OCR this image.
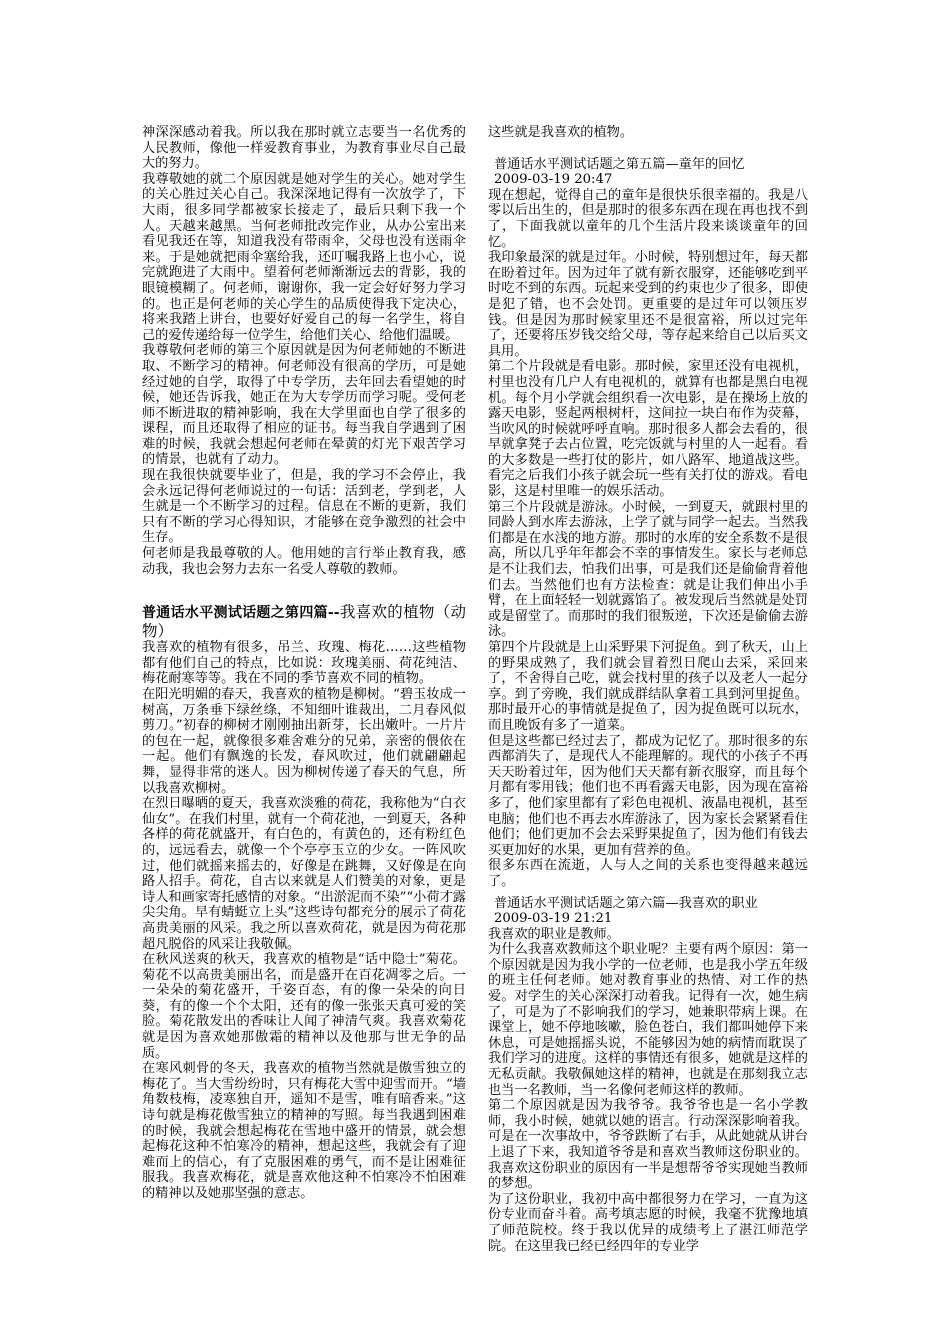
神深深感动着我。所以我在那时就立志要当一名优秀的人民教师，像他一样爱教育事业，为教育事业尽自己最大的努力。

我尊敬她的就二个原因就是她对学生的关心。她对学生的关心胜过关心自己。我深深地记得有一次放学了，下大雨，很多同学都被家长接走了，最后只剩下我一个人。天越来越黑。当何老师批改完作业，从办公室出来看见我还在等，知道我没有带雨伞，父母也没有送雨伞来。于是她就把雨伞塞给我，还叮嘱我路上也小心，说完就跑进了大雨中。望着何老师渐渐远去的背影，我的眼镜模糊了。何老师，谢谢你，我一定会好好努力学习的。也正是何老师的关心学生的品质使得我下定决心，将来我踏上讲台，也要好好爱自己的每一名学生，将自己的爱传递给每一位学生，给他们关心、给他们温暖。

我尊敬何老师的第三个原因就是因为何老师她的不断进取、不断学习的精神。何老师没有很高的学历，可是她经过她的自学，取得了中专学历，去年回去看望她的时候，她还告诉我，她正在为大专学历而学习呢。受何老师不断进取的精神影响，我在大学里面也自学了很多的课程，而且还取得了相应的证书。每当我自学遇到了困难的时候，我就会想起何老师在晕黄的灯光下艰苦学习的情景，也就有了动力。

现在我很快就要毕业了，但是，我的学习不会停止，我会永远记得何老师说过的一句话：活到老，学到老，人生就是一个不断学习的过程。信息在不断的更新，我们只有不断的学习心得知识，才能够在竞争激烈的社会中生存。

何老师是我最尊敬的人。他用她的言行举止教育我，感动我，我也会努力去东一名受人尊敬的教师。

普通话水平测试话题之第四篇--我喜欢的植物（动物）

我喜欢的植物有很多，吊兰、玫瑰、梅花……这些植物都有他们自己的特点，比如说：玫瑰美丽、荷花纯洁、梅花耐寒等等。我在不同的季节喜欢不同的植物。

在阳光明媚的春天，我喜欢的植物是柳树。“碧玉妆成一树高，万条垂下绿丝绦，不知细叶谁裁出，二月春风似剪刀。”初春的柳树才刚刚抽出新芽，长出嫩叶。一片片的包在一起，就像很多难舍难分的兄弟，亲密的偎依在一起。他们有飘逸的长发，春风吹过，他们就翩翩起舞，显得非常的迷人。因为柳树传递了春天的气息，所以我喜欢柳树。

在烈日曝晒的夏天，我喜欢淡雅的荷花，我称他为“白衣仙女”。在我们村里，就有一个荷花池，一到夏天，各种各样的荷花就盛开，有白色的，有黄色的，还有粉红色的，远远看去，就像一个个亭亭玉立的少女。一阵风吹过，他们就摇来摇去的，好像是在跳舞，又好像是在向路人招手。荷花，自古以来就是人们赞美的对象，更是诗人和画家寄托感情的对象。“出淤泥而不染”“小荷才露尖尖角。早有蜻蜓立上头”这些诗句都充分的展示了荷花高贵美丽的风采。我之所以喜欢荷花，就是因为荷花那超凡脱俗的风采让我敬佩。

在秋风送爽的秋天，我喜欢的植物是“话中隐士”菊花。菊花不以高贵美丽出名，而是盛开在百花凋零之后。一一朵朵的菊花盛开，千姿百态，有的像一朵朵的向日葵，有的像一个个太阳，还有的像一张张天真可爱的笑脸。菊花散发出的香味让人闻了神清气爽。我喜欢菊花就是因为喜欢她那傲霜的精神以及他那与世无争的品质。

在寒风刺骨的冬天，我喜欢的植物当然就是傲雪独立的梅花了。当大雪纷纷时，只有梅花大雪中迎雪而开。“墙角数枝梅，凌寒独自开，遥知不是雪，唯有暗香来。”这诗句就是梅花傲雪独立的精神的写照。每当我遇到困难的时候，我就会想起梅花在雪地中盛开的情景，就会想起梅花这种不怕寒冷的精神，想起这些，我就会有了迎难而上的信心，有了克服困难的勇气，而不是让困难征服我。我喜欢梅花，就是喜欢他这种不怕寒冷不怕困难的精神以及她那坚强的意志。

这些就是我喜欢的植物。

普通话水平测试话题之第五篇—童年的回忆

2009-03-19 20:47

现在想起，觉得自己的童年是很快乐很幸福的。我是八零以后出生的，但是那时的很多东西在现在再也找不到了，下面我就以童年的几个生活片段来谈谈童年的回忆。

我印象最深的就是过年。小时候，特别想过年，每天都在盼着过年。因为过年了就有新衣服穿，还能够吃到平时吃不到的东西。玩起来受到的约束也少了很多，即使是犯了错，也不会处罚。更重要的是过年可以领压岁钱。但是因为那时候家里还不是很富裕，所以过完年了，还要将压岁钱交给父母，等存起来给自己以后买文具用。

第二个片段就是看电影。那时候，家里还没有电视机，村里也没有几户人有电视机的，就算有也都是黑白电视机。每个月小学就会组织看一次电影，是在操场上放的露天电影，竖起两根树杆，这间拉一块白布作为荧幕，当吹风的时候就呼呼直响。那时很多人都会去看的，很早就拿凳子去占位置，吃完饭就与村里的人一起看。看的大多数是一些打仗的影片，如八路军、地道战这些。看完之后我们小孩子就会玩一些有关打仗的游戏。看电影，这是村里唯一的娱乐活动。

第三个片段就是游泳。小时候，一到夏天，就跟村里的同龄人到水库去游泳，上学了就与同学一起去。当然我们都是在水浅的地方游。那时的水库的安全系数不是很高，所以几乎年年都会不幸的事情发生。家长与老师总是不让我们去，怕我们出事，可是我们还是偷偷背着他们去。当然他们也有方法检查：就是让我们伸出小手臂，在上面轻轻一划就露馅了。被发现后当然就是处罚或是留堂了。而那时的我们很叛逆，下次还是偷偷去游泳。

第四个片段就是上山采野果下河捉鱼。到了秋天，山上的野果成熟了，我们就会冒着烈日爬山去采，采回来了，不舍得自己吃，就会找村里的孩子以及老人一起分享。到了旁晚，我们就成群结队拿着工具到河里捉鱼。那时最开心的事情就是捉鱼了，因为捉鱼既可以玩水，而且晚饭有多了一道菜。

但是这些都已经过去了，都成为记忆了。那时很多的东西都消失了，是现代人不能理解的。现代的小孩子不再天天盼着过年，因为他们天天都有新衣服穿，而且每个月都有零用钱；他们也不再看露天电影，因为现在富裕多了，他们家里都有了彩色电视机、液晶电视机，甚至电脑；他们也不再去水库游泳了，因为家长会紧紧看住他们；他们更加不会去采野果捉鱼了，因为他们有钱去买更加好的水果，更加有营养的鱼。

很多东西在流逝，人与人之间的关系也变得越来越远了。

普通话水平测试话题之第六篇—我喜欢的职业

2009-03-19 21:21

我喜欢的职业是教师。

为什么我喜欢教师这个职业呢？主要有两个原因：第一个原因就是因为我小学的一位老师，也是我小学五年级的班主任何老师。她对教育事业的热情、对工作的热爱。对学生的关心深深打动着我。记得有一次，她生病了，可是为了不影响我们的学习，她兼职带病上课。在课堂上，她不停地咳嗽，脸色苍白，我们都叫她停下来休息，可是她摇摇头说，不能够因为她的病情而耽误了我们学习的进度。这样的事情还有很多，她就是这样的无私贡献。我敬佩她这样的精神，也就是在那刻我立志也当一名教师，当一名像何老师这样的教师。

第二个原因就是因为我爷爷。我爷爷也是一名小学教师，我小时候，她就以她的语言。行动深深影响着我。可是在一次事故中，爷爷跌断了右手，从此她就从讲台上退了下来，我知道爷爷是和喜欢当教师这份职业的。我喜欢这份职业的原因有一半是想帮爷爷实现她当教师的梦想。

为了这份职业，我初中高中都很努力在学习，一直为这份专业而奋斗着。高考填志愿的时候，我毫不犹豫地填了师范院校。终于我以优异的成绩考上了湛江师范学院。在这里我已经已经四年的专业学
